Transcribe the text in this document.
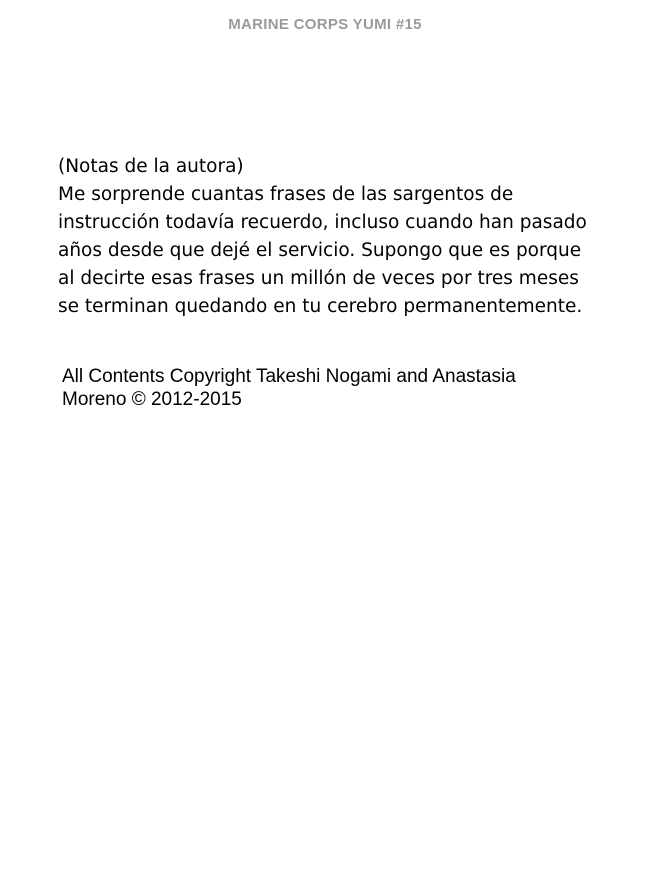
MARINE CORPS YUMI #15
(Notas de la autora)
Me sorprende cuantas frases de las sargentos de
instrucción todavía recuerdo, incluso cuando han pasado
años desde que dejé el servicio. Supongo que es porque
al decirte esas frases un millón de veces por tres meses
se terminan quedando en tu cerebro permanentemente.
All Contents Copyright Takeshi Nogami and Anastasia
Moreno © 2012-2015
